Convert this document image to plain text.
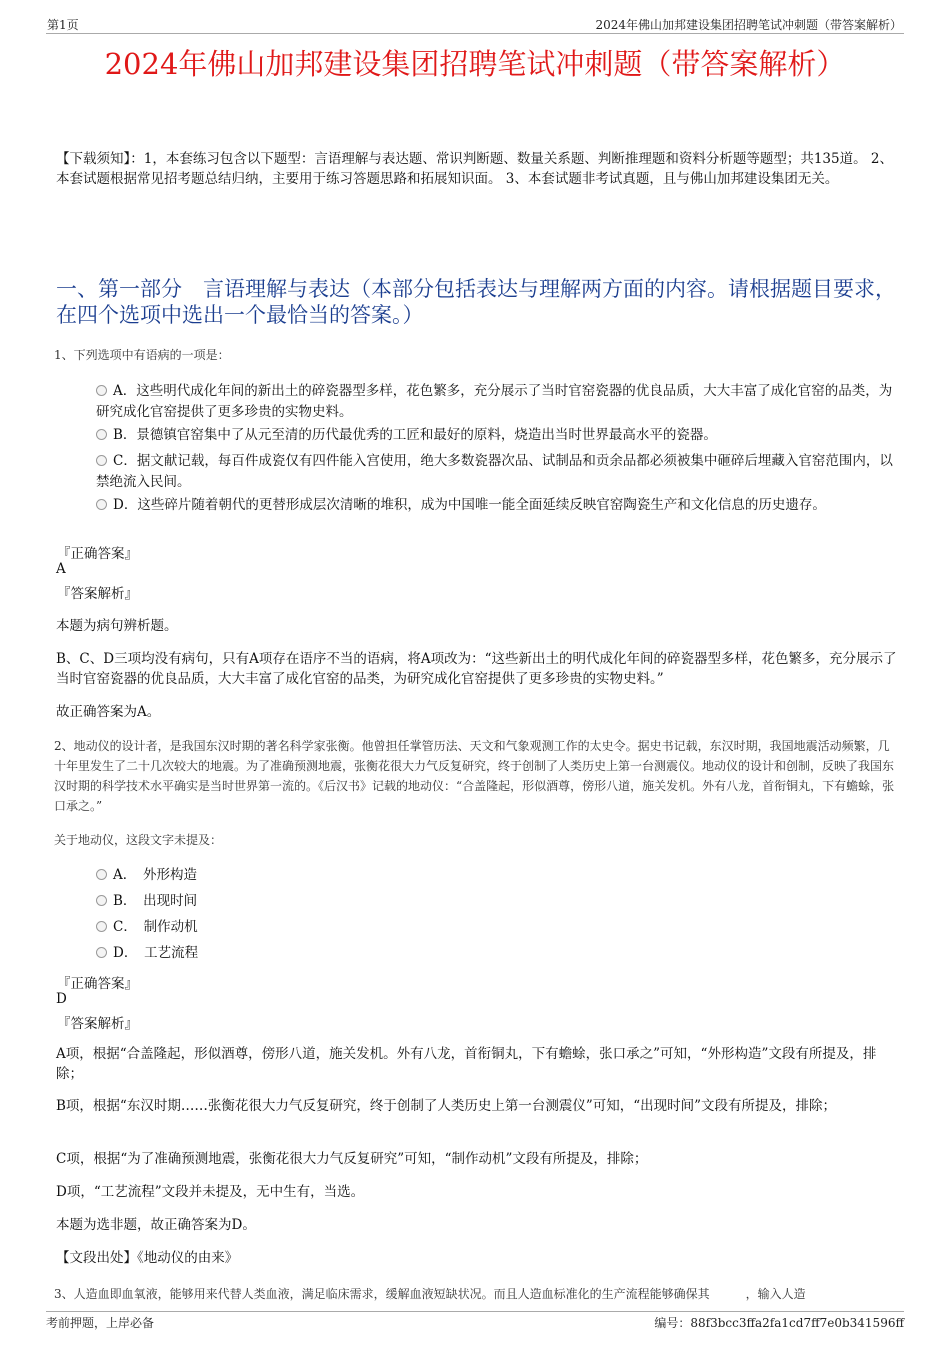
第1页	2024年佛山加邦建设集团招聘笔试冲刺题（带答案解析）
2024年佛山加邦建设集团招聘笔试冲刺题（带答案解析）
【下载须知】：1，本套练习包含以下题型：言语理解与表达题、常识判断题、数量关系题、判断推理题和资料分析题等题型；共135道。 2、本套试题根据常见招考题总结归纳，主要用于练习答题思路和拓展知识面。 3、本套试题非考试真题，且与佛山加邦建设集团无关。
一、第一部分　言语理解与表达（本部分包括表达与理解两方面的内容。请根据题目要求，在四个选项中选出一个最恰当的答案。）
1、下列选项中有语病的一项是：
A．这些明代成化年间的新出土的碎瓷器型多样，花色繁多，充分展示了当时官窑瓷器的优良品质，大大丰富了成化官窑的品类，为研究成化官窑提供了更多珍贵的实物史料。
B．景德镇官窑集中了从元至清的历代最优秀的工匠和最好的原料，烧造出当时世界最高水平的瓷器。
C．据文献记载，每百件成瓷仅有四件能入宫使用，绝大多数瓷器次品、试制品和贡余品都必须被集中砸碎后埋藏入官窑范围内，以禁绝流入民间。
D．这些碎片随着朝代的更替形成层次清晰的堆积，成为中国唯一能全面延续反映官窑陶瓷生产和文化信息的历史遗存。
『正确答案』
A
『答案解析』
本题为病句辨析题。
B、C、D三项均没有病句，只有A项存在语序不当的语病，将A项改为：“这些新出土的明代成化年间的碎瓷器型多样，花色繁多，充分展示了当时官窑瓷器的优良品质，大大丰富了成化官窑的品类，为研究成化官窑提供了更多珍贵的实物史料。”
故正确答案为A。
2、地动仪的设计者，是我国东汉时期的著名科学家张衡。他曾担任掌管历法、天文和气象观测工作的太史令。据史书记载，东汉时期，我国地震活动频繁，几十年里发生了二十几次较大的地震。为了准确预测地震，张衡花很大力气反复研究，终于创制了人类历史上第一台测震仪。地动仪的设计和创制，反映了我国东汉时期的科学技术水平确实是当时世界第一流的。《后汉书》记载的地动仪：“合盖隆起，形似酒尊，傍形八道，施关发机。外有八龙，首衔铜丸，下有蟾蜍，张口承之。”
关于地动仪，这段文字未提及：
A．　外形构造
B．　出现时间
C．　制作动机
D．　工艺流程
『正确答案』
D
『答案解析』
A项，根据“合盖隆起，形似酒尊，傍形八道，施关发机。外有八龙，首衔铜丸，下有蟾蜍，张口承之”可知，“外形构造”文段有所提及，排除；
B项，根据“东汉时期……张衡花很大力气反复研究，终于创制了人类历史上第一台测震仪”可知，“出现时间”文段有所提及，排除；
C项，根据“为了准确预测地震，张衡花很大力气反复研究”可知，“制作动机”文段有所提及，排除；
D项，“工艺流程”文段并未提及，无中生有，当选。
本题为选非题，故正确答案为D。
【文段出处】《地动仪的由来》
3、人造血即血氧液，能够用来代替人类血液，满足临床需求，缓解血液短缺状况。而且人造血标准化的生产流程能够确保其　　　，输入人造
考前押题，上岸必备	编号：88f3bcc3ffa2fa1cd7ff7e0b341596ff
